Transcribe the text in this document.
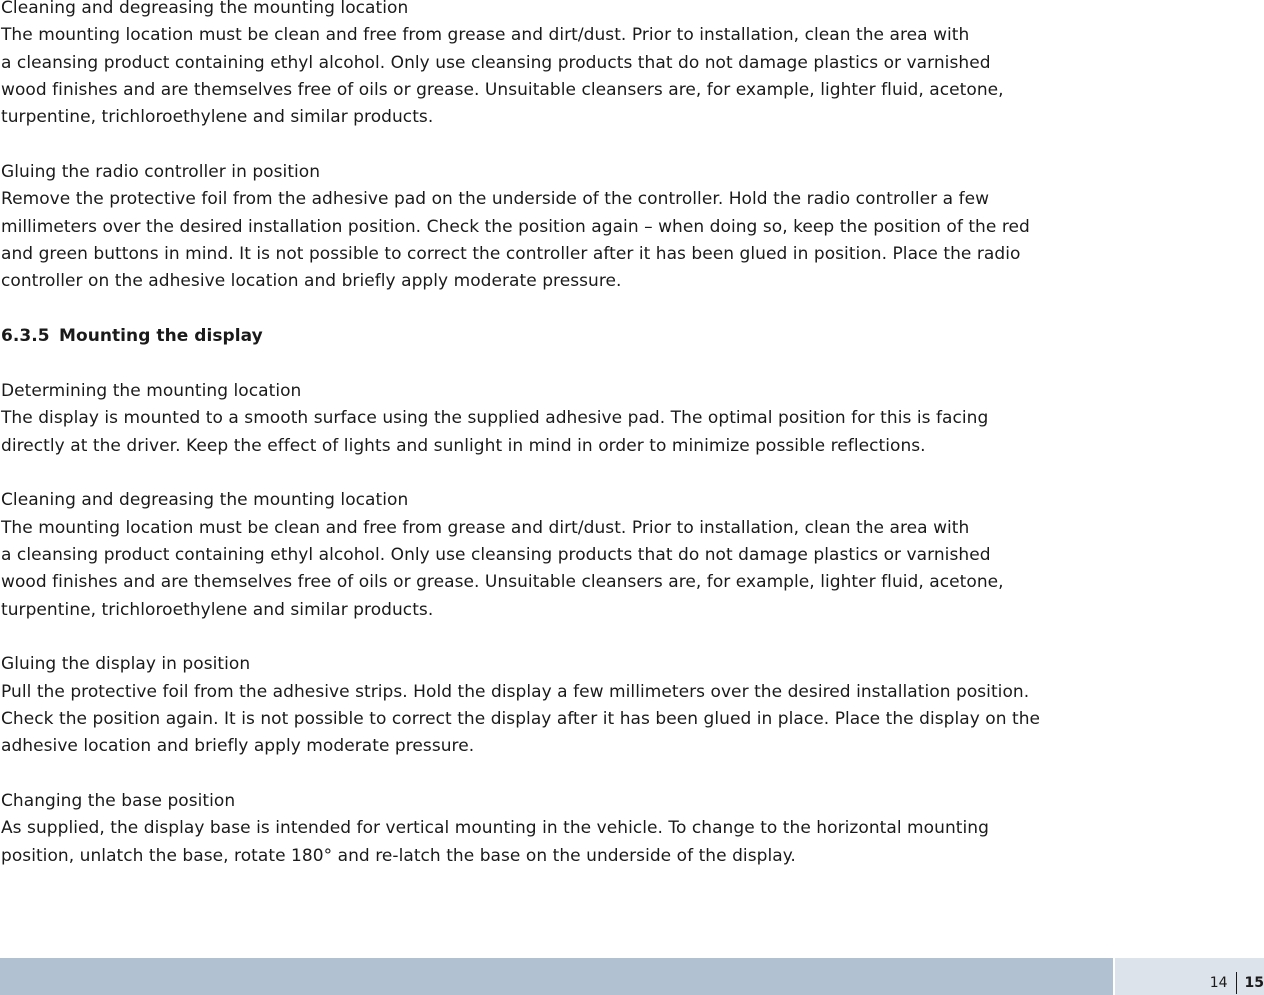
Cleaning and degreasing the mounting location
The mounting location must be clean and free from grease and dirt/dust. Prior to installation, clean the area with
a cleansing product containing ethyl alcohol. Only use cleansing products that do not damage plastics or varnished
wood finishes and are themselves free of oils or grease. Unsuitable cleansers are, for example, lighter fluid, acetone,
turpentine, trichloroethylene and similar products.
Gluing the radio controller in position
Remove the protective foil from the adhesive pad on the underside of the controller. Hold the radio controller a few
millimeters over the desired installation position. Check the position again – when doing so, keep the position of the red
and green buttons in mind. It is not possible to correct the controller after it has been glued in position. Place the radio
controller on the adhesive location and briefly apply moderate pressure.
6.3.5 Mounting the display
Determining the mounting location
The display is mounted to a smooth surface using the supplied adhesive pad. The optimal position for this is facing
directly at the driver. Keep the effect of lights and sunlight in mind in order to minimize possible reflections.
Cleaning and degreasing the mounting location
The mounting location must be clean and free from grease and dirt/dust. Prior to installation, clean the area with
a cleansing product containing ethyl alcohol. Only use cleansing products that do not damage plastics or varnished
wood finishes and are themselves free of oils or grease. Unsuitable cleansers are, for example, lighter fluid, acetone,
turpentine, trichloroethylene and similar products.
Gluing the display in position
Pull the protective foil from the adhesive strips. Hold the display a few millimeters over the desired installation position.
Check the position again. It is not possible to correct the display after it has been glued in place. Place the display on the
adhesive location and briefly apply moderate pressure.
Changing the base position
As supplied, the display base is intended for vertical mounting in the vehicle. To change to the horizontal mounting
position, unlatch the base, rotate 180° and re-latch the base on the underside of the display.
14 15
